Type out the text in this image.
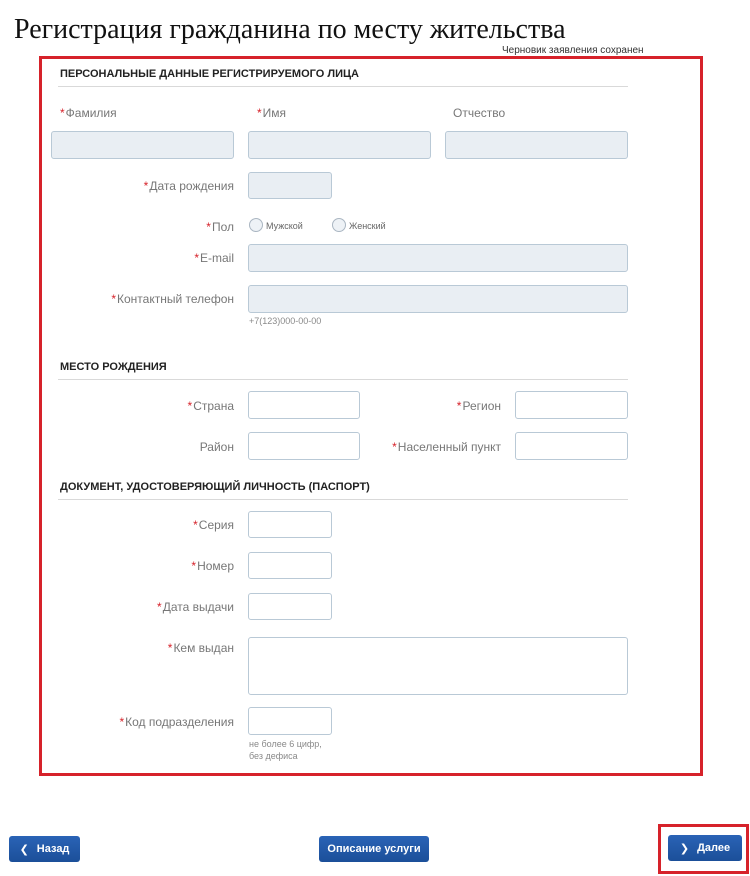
Регистрация гражданина по месту жительства
Черновик заявления сохранен
ПЕРСОНАЛЬНЫЕ ДАННЫЕ РЕГИСТРИРУЕМОГО ЛИЦА
*Фамилия	*Имя	Отчество
*Дата рождения
*Пол	Мужской	Женский
*E-mail
*Контактный телефон
+7(123)000-00-00
МЕСТО РОЖДЕНИЯ
*Страна	*Регион
Район	*Населенный пункт
ДОКУМЕНТ, УДОСТОВЕРЯЮЩИЙ ЛИЧНОСТЬ (ПАСПОРТ)
*Серия
*Номер
*Дата выдачи
*Кем выдан
*Код подразделения
не более 6 цифр,
без дефиса
❮ Назад	Описание услуги	❯ Далее
